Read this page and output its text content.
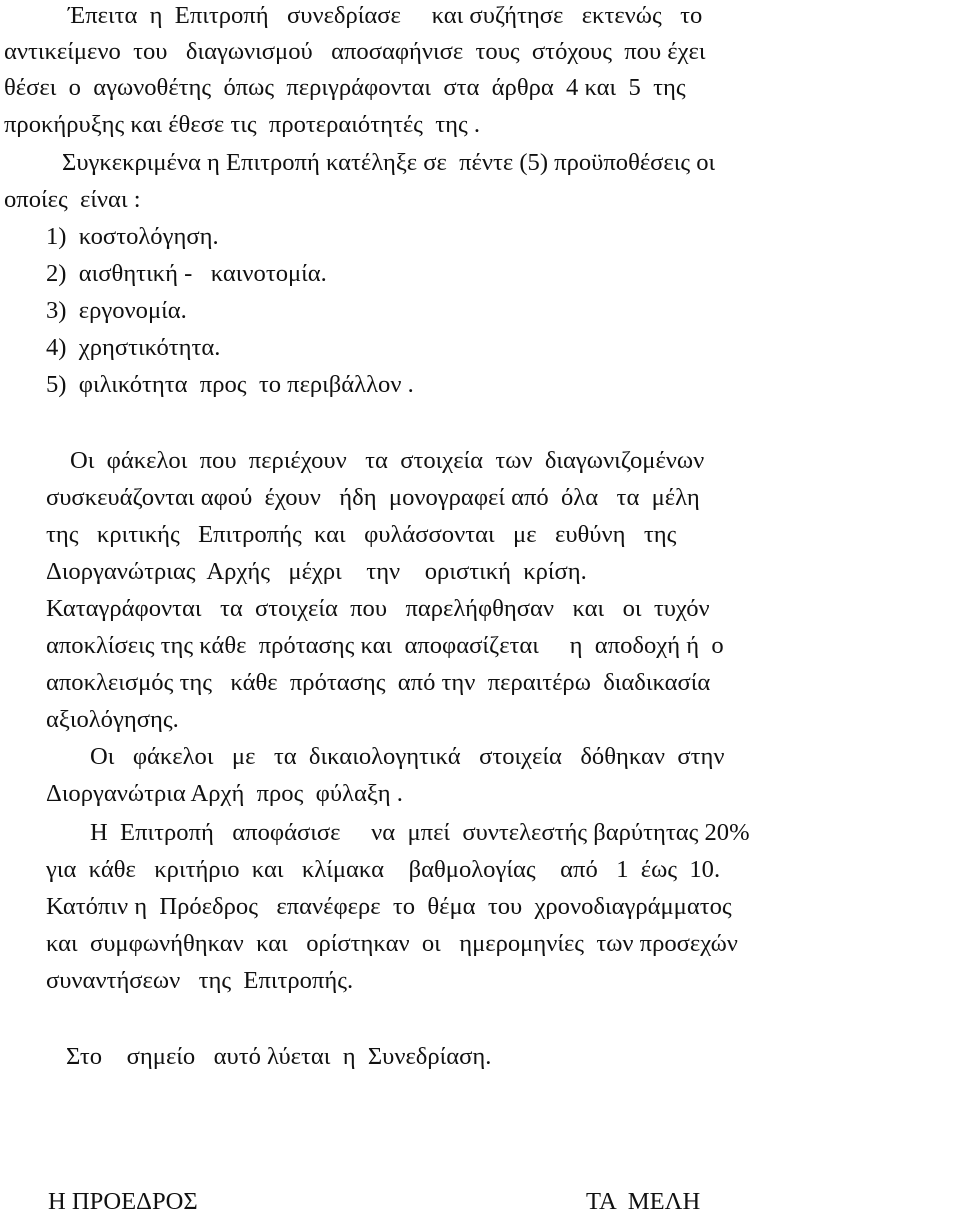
Έπειτα  η  Επιτροπή   συνεδρίασε     και συζήτησε   εκτενώς   το
αντικείμενο  του   διαγωνισμού   αποσαφήνισε  τους  στόχους  που έχει
θέσει  ο  αγωνοθέτης  όπως  περιγράφονται  στα  άρθρα  4 και  5  της
προκήρυξης και έθεσε τις  προτεραιότητές  της .
Συγκεκριμένα η Επιτροπή κατέληξε σε  πέντε (5) προϋποθέσεις οι
οποίες  είναι :
1)  κοστολόγηση.
2)  αισθητική -   καινοτομία.
3)  εργονομία.
4)  χρηστικότητα.
5)  φιλικότητα  προς  το περιβάλλον .
Οι  φάκελοι  που  περιέχουν   τα  στοιχεία  των  διαγωνιζομένων
συσκευάζονται αφού  έχουν   ήδη  μονογραφεί από  όλα   τα  μέλη
της   κριτικής   Επιτροπής  και   φυλάσσονται   με   ευθύνη   της
Διοργανώτριας  Αρχής   μέχρι    την    οριστική  κρίση.
Καταγράφονται   τα  στοιχεία  που   παρελήφθησαν   και   οι  τυχόν
αποκλίσεις της κάθε  πρότασης και  αποφασίζεται     η  αποδοχή ή  ο
αποκλεισμός της   κάθε  πρότασης  από την  περαιτέρω  διαδικασία
αξιολόγησης.
Οι   φάκελοι   με   τα  δικαιολογητικά   στοιχεία   δόθηκαν  στην
Διοργανώτρια Αρχή  προς  φύλαξη .
Η  Επιτροπή   αποφάσισε     να  μπεί  συντελεστής βαρύτητας 20%
για  κάθε   κριτήριο  και   κλίμακα    βαθμολογίας    από   1  έως  10.
Κατόπιν η  Πρόεδρος   επανέφερε  το  θέμα  του  χρονοδιαγράμματος
και  συμφωνήθηκαν  και   ορίστηκαν  οι   ημερομηνίες  των προσεχών
συναντήσεων   της  Επιτροπής.
Στο    σημείο   αυτό λύεται  η  Συνεδρίαση.
Η ΠΡΟΕΔΡΟΣ	ΤΑ  ΜΕΛΗ
